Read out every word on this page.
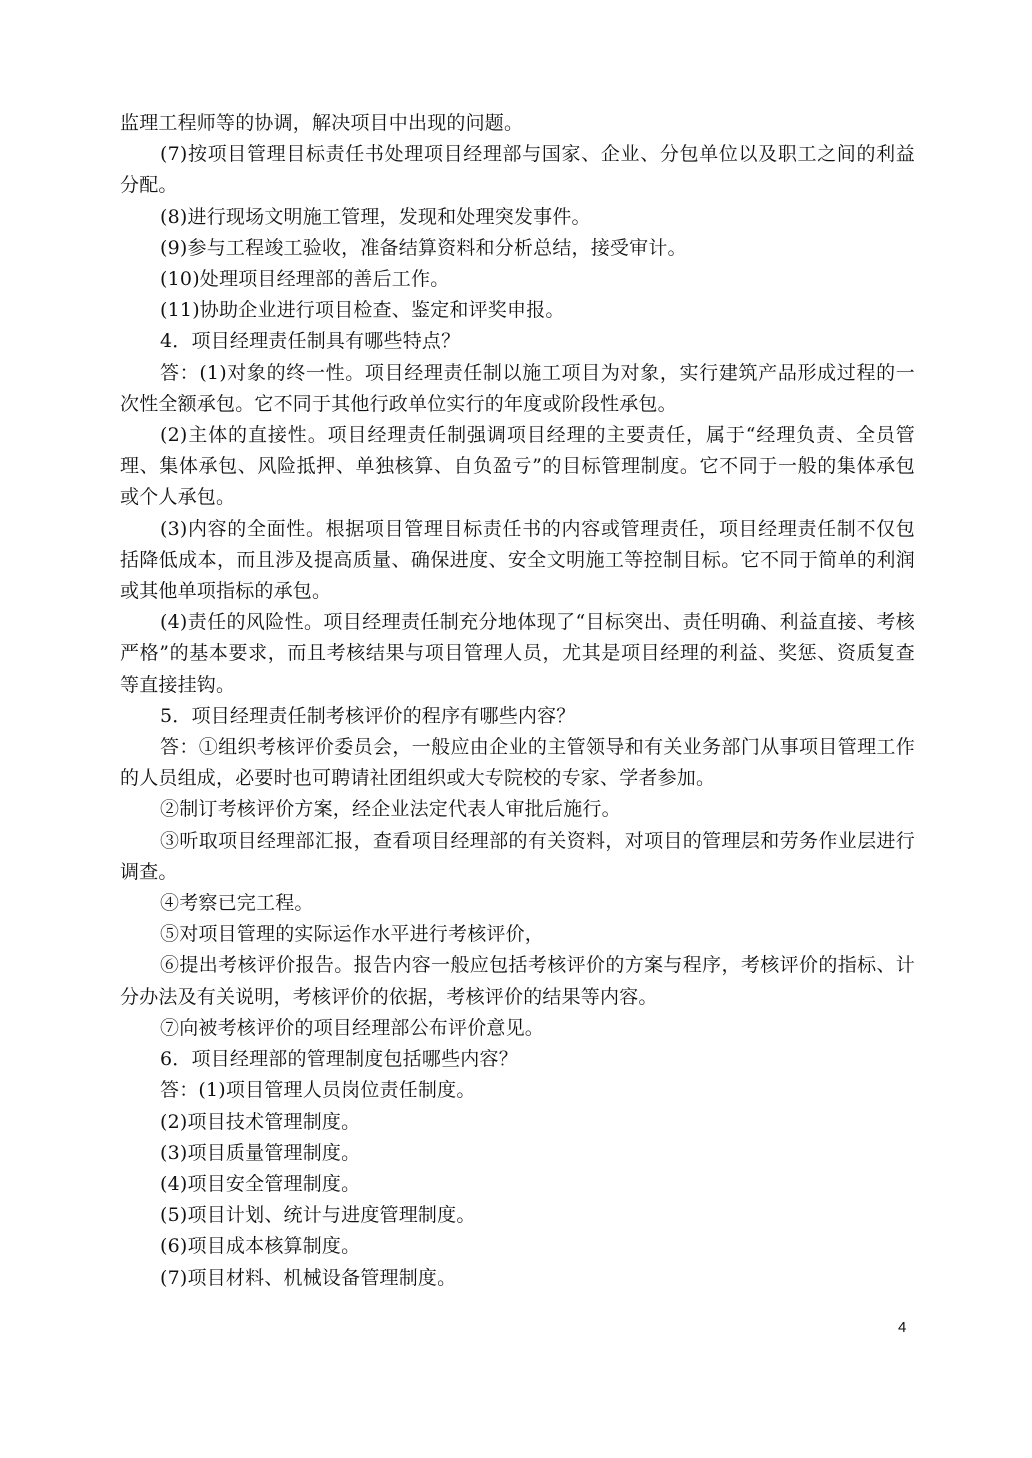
监理工程师等的协调，解决项目中出现的问题。

(7)按项目管理目标责任书处理项目经理部与国家、企业、分包单位以及职工之间的利益分配。

(8)进行现场文明施工管理，发现和处理突发事件。

(9)参与工程竣工验收，准备结算资料和分析总结，接受审计。

(10)处理项目经理部的善后工作。

(11)协助企业进行项目检查、鉴定和评奖申报。

4．项目经理责任制具有哪些特点？

答：(1)对象的终一性。项目经理责任制以施工项目为对象，实行建筑产品形成过程的一次性全额承包。它不同于其他行政单位实行的年度或阶段性承包。

(2)主体的直接性。项目经理责任制强调项目经理的主要责任，属于“经理负责、全员管理、集体承包、风险抵押、单独核算、自负盈亏”的目标管理制度。它不同于一般的集体承包或个人承包。

(3)内容的全面性。根据项目管理目标责任书的内容或管理责任，项目经理责任制不仅包括降低成本，而且涉及提高质量、确保进度、安全文明施工等控制目标。它不同于简单的利润或其他单项指标的承包。

(4)责任的风险性。项目经理责任制充分地体现了“目标突出、责任明确、利益直接、考核严格”的基本要求，而且考核结果与项目管理人员，尤其是项目经理的利益、奖惩、资质复查等直接挂钩。

5．项目经理责任制考核评价的程序有哪些内容？

答：①组织考核评价委员会，一般应由企业的主管领导和有关业务部门从事项目管理工作的人员组成，必要时也可聘请社团组织或大专院校的专家、学者参加。

②制订考核评价方案，经企业法定代表人审批后施行。

③听取项目经理部汇报，查看项目经理部的有关资料，对项目的管理层和劳务作业层进行调查。

④考察已完工程。

⑤对项目管理的实际运作水平进行考核评价，

⑥提出考核评价报告。报告内容一般应包括考核评价的方案与程序，考核评价的指标、计分办法及有关说明，考核评价的依据，考核评价的结果等内容。

⑦向被考核评价的项目经理部公布评价意见。

6．项目经理部的管理制度包括哪些内容？

答：(1)项目管理人员岗位责任制度。

(2)项目技术管理制度。

(3)项目质量管理制度。

(4)项目安全管理制度。

(5)项目计划、统计与进度管理制度。

(6)项目成本核算制度。

(7)项目材料、机械设备管理制度。

4
